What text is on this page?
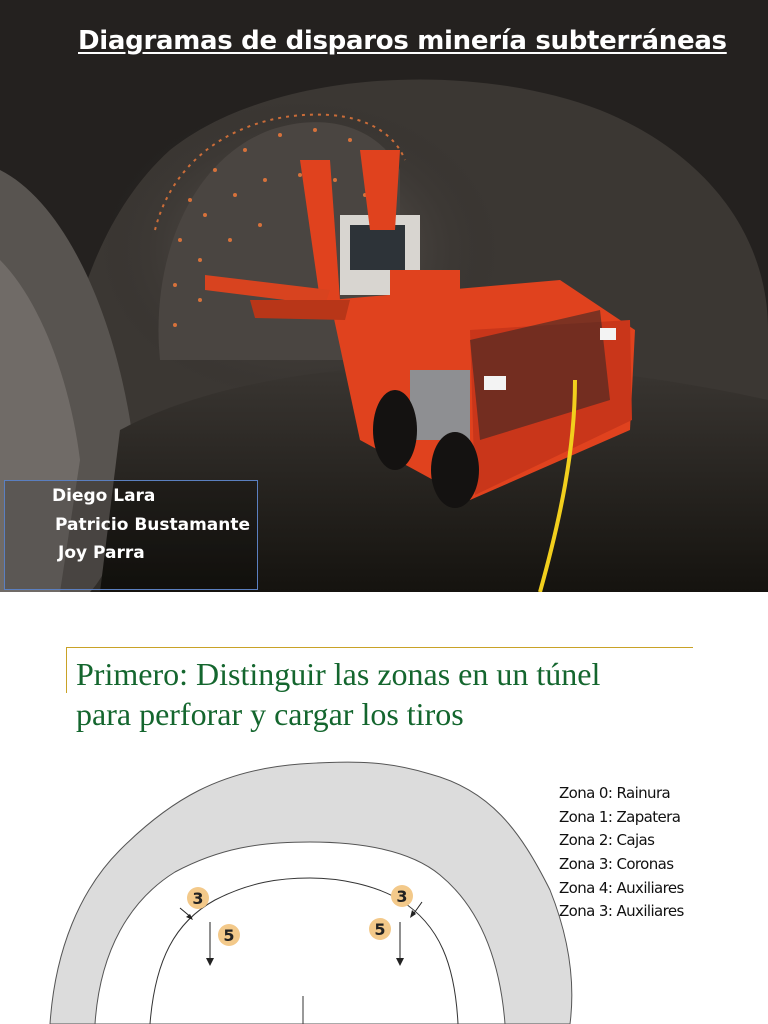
Diagramas de disparos minería subterráneas
Diego Lara
Patricio Bustamante
Joy Parra
Primero: Distinguir las zonas en un túnel
para perforar y cargar los tiros
3
5
3
5
Zona 0: Rainura
Zona 1: Zapatera
Zona 2: Cajas
Zona 3: Coronas
Zona 4: Auxiliares
Zona 3: Auxiliares
